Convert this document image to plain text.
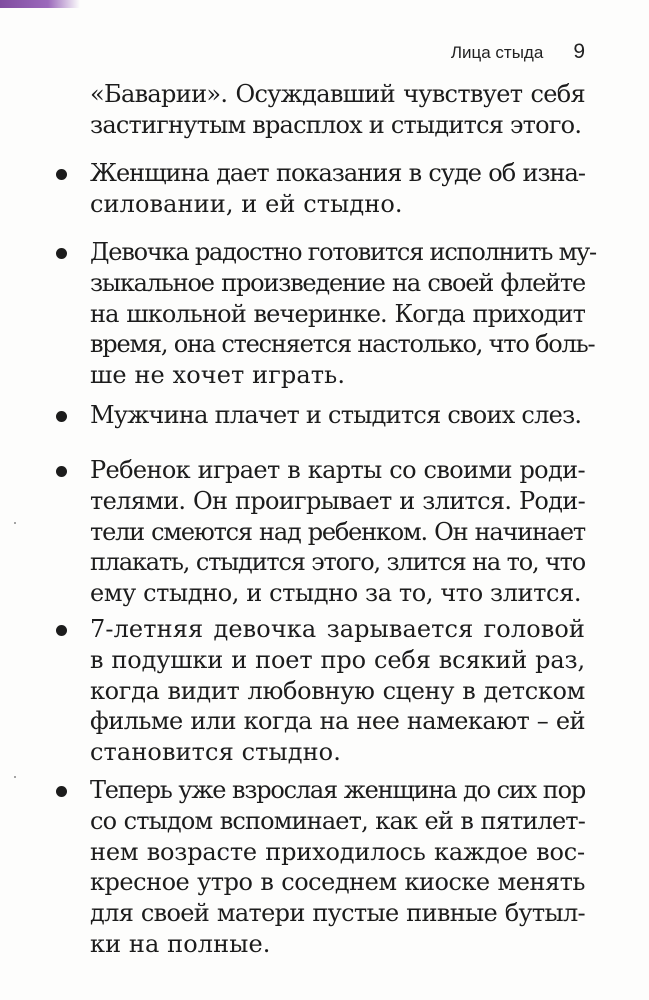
Лица стыда 9
«Баварии». Осуждавший чувствует себя
застигнутым врасплох и стыдится этого.
Женщина дает показания в суде об изна-
силовании, и ей стыдно.
Девочка радостно готовится исполнить му-
зыкальное произведение на своей флейте
на школьной вечеринке. Когда приходит
время, она стесняется настолько, что боль-
ше не хочет играть.
Мужчина плачет и стыдится своих слез.
Ребенок играет в карты со своими роди-
телями. Он проигрывает и злится. Роди-
тели смеются над ребенком. Он начинает
плакать, стыдится этого, злится на то, что
ему стыдно, и стыдно за то, что злится.
7-летняя девочка зарывается головой
в подушки и поет про себя всякий раз,
когда видит любовную сцену в детском
фильме или когда на нее намекают – ей
становится стыдно.
Теперь уже взрослая женщина до сих пор
со стыдом вспоминает, как ей в пятилет-
нем возрасте приходилось каждое вос-
кресное утро в соседнем киоске менять
для своей матери пустые пивные бутыл-
ки на полные.
